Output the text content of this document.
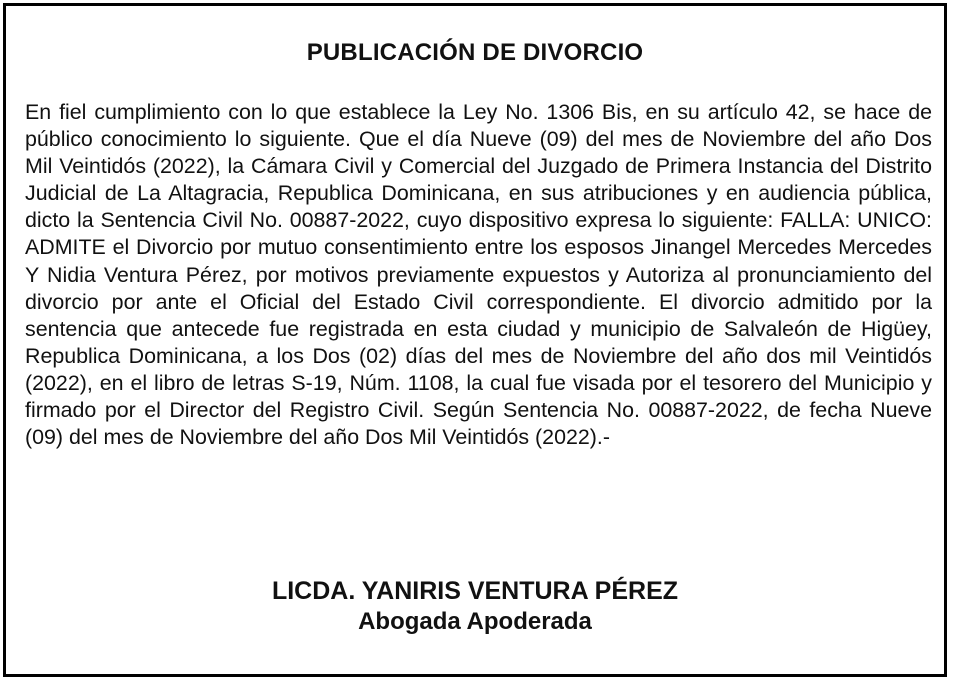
PUBLICACIÓN DE DIVORCIO

En fiel cumplimiento con lo que establece la Ley No. 1306 Bis, en su artículo 42, se hace de público conocimiento lo siguiente. Que el día Nueve (09) del mes de Noviembre del año Dos Mil Veintidós (2022), la Cámara Civil y Comercial del Juzgado de Primera Instancia del Distrito Judicial de La Altagracia, Republica Dominicana, en sus atribuciones y en audiencia pública, dicto la Sentencia Civil No. 00887-2022, cuyo dispositivo expresa lo siguiente: FALLA: UNICO: ADMITE el Divorcio por mutuo consentimiento entre los esposos Jinangel Mercedes Mercedes Y Nidia Ventura Pérez, por motivos previamente expuestos y Autoriza al pronunciamiento del divorcio por ante el Oficial del Estado Civil correspondiente. El divorcio admitido por la sentencia que antecede fue registrada en esta ciudad y municipio de Salvaleón de Higüey, Republica Dominicana, a los Dos (02) días del mes de Noviembre del año dos mil Veintidós (2022), en el libro de letras S-19, Núm. 1108, la cual fue visada por el tesorero del Municipio y firmado por el Director del Registro Civil. Según Sentencia No. 00887-2022, de fecha Nueve (09) del mes de Noviembre del año Dos Mil Veintidós (2022).-

LICDA. YANIRIS VENTURA PÉREZ
Abogada Apoderada
